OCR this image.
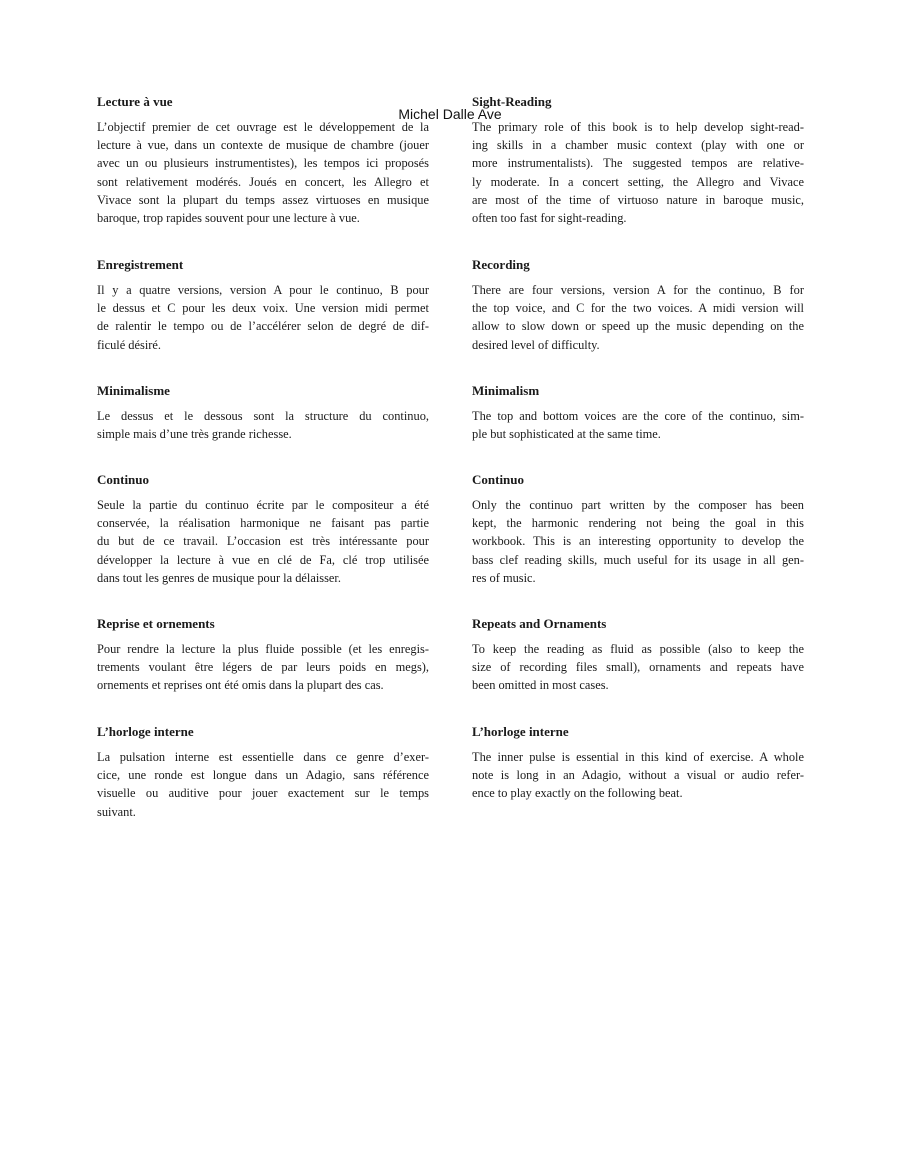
Michel Dalle Ave
Lecture à vue
L’objectif premier de cet ouvrage est le développement de la
lecture à vue, dans un contexte de musique de chambre (jouer
avec un ou plusieurs instrumentistes), les tempos ici proposés
sont relativement modérés. Joués en concert, les Allegro et
Vivace sont la plupart du temps assez virtuoses en musique
baroque, trop rapides souvent pour une lecture à vue.
Enregistrement
Il y a quatre versions, version A pour le continuo, B pour
le dessus et C pour les deux voix. Une version midi permet
de ralentir le tempo ou de l’accélérer selon de degré de dif-
ficulé désiré.
Minimalisme
Le dessus et le dessous sont la structure du continuo,
simple mais d’une très grande richesse.
Continuo
Seule la partie du continuo écrite par le compositeur a été
conservée, la réalisation harmonique ne faisant pas partie
du but de ce travail. L’occasion est très intéressante pour
développer la lecture à vue en clé de Fa, clé trop utilisée
dans tout les genres de musique pour la délaisser.
Reprise et ornements
Pour rendre la lecture la plus fluide possible (et les enregis-
trements voulant être légers de par leurs poids en megs),
ornements et reprises ont été omis dans la plupart des cas.
L’horloge interne
La pulsation interne est essentielle dans ce genre d’exer-
cice, une ronde est longue dans un Adagio, sans référence
visuelle ou auditive pour jouer exactement sur le temps
suivant.
Sight-Reading
The primary role of this book is to help develop sight-read-
ing skills in a chamber music context (play with one or
more instrumentalists). The suggested tempos are relative-
ly moderate. In a concert setting, the Allegro and Vivace
are most of the time of virtuoso nature in baroque music,
often too fast for sight-reading.
Recording
There are four versions, version A for the continuo, B for
the top voice, and C for the two voices. A midi version will
allow to slow down or speed up the music depending on the
desired level of difficulty.
Minimalism
The top and bottom voices are the core of the continuo, sim-
ple but sophisticated at the same time.
Continuo
Only the continuo part written by the composer has been
kept, the harmonic rendering not being the goal in this
workbook. This is an interesting opportunity to develop the
bass clef reading skills, much useful for its usage in all gen-
res of music.
Repeats and Ornaments
To keep the reading as fluid as possible (also to keep the
size of recording files small), ornaments and repeats have
been omitted in most cases.
L’horloge interne
The inner pulse is essential in this kind of exercise. A whole
note is long in an Adagio, without a visual or audio refer-
ence to play exactly on the following beat.
